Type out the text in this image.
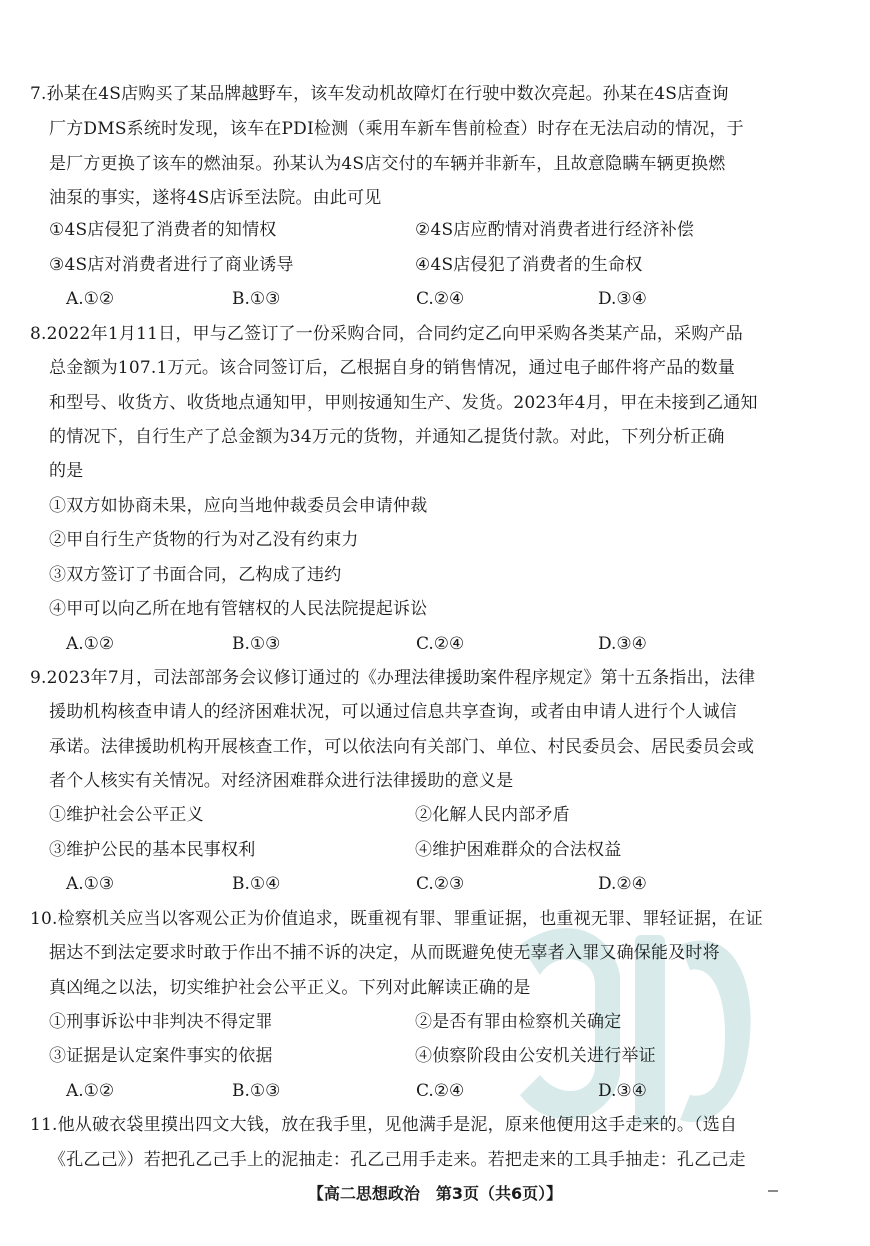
7.孙某在4S店购买了某品牌越野车，该车发动机故障灯在行驶中数次亮起。孙某在4S店查询
厂方DMS系统时发现，该车在PDI检测（乘用车新车售前检查）时存在无法启动的情况，于
是厂方更换了该车的燃油泵。孙某认为4S店交付的车辆并非新车，且故意隐瞒车辆更换燃
油泵的事实，遂将4S店诉至法院。由此可见
①4S店侵犯了消费者的知情权	②4S店应酌情对消费者进行经济补偿
③4S店对消费者进行了商业诱导	④4S店侵犯了消费者的生命权
A.①②	B.①③	C.②④	D.③④
8.2022年1月11日，甲与乙签订了一份采购合同，合同约定乙向甲采购各类某产品，采购产品
总金额为107.1万元。该合同签订后，乙根据自身的销售情况，通过电子邮件将产品的数量
和型号、收货方、收货地点通知甲，甲则按通知生产、发货。2023年4月，甲在未接到乙通知
的情况下，自行生产了总金额为34万元的货物，并通知乙提货付款。对此，下列分析正确
的是
①双方如协商未果，应向当地仲裁委员会申请仲裁
②甲自行生产货物的行为对乙没有约束力
③双方签订了书面合同，乙构成了违约
④甲可以向乙所在地有管辖权的人民法院提起诉讼
A.①②	B.①③	C.②④	D.③④
9.2023年7月，司法部部务会议修订通过的《办理法律援助案件程序规定》第十五条指出，法律
援助机构核查申请人的经济困难状况，可以通过信息共享查询，或者由申请人进行个人诚信
承诺。法律援助机构开展核查工作，可以依法向有关部门、单位、村民委员会、居民委员会或
者个人核实有关情况。对经济困难群众进行法律援助的意义是
①维护社会公平正义	②化解人民内部矛盾
③维护公民的基本民事权利	④维护困难群众的合法权益
A.①③	B.①④	C.②③	D.②④
10.检察机关应当以客观公正为价值追求，既重视有罪、罪重证据，也重视无罪、罪轻证据，在证
据达不到法定要求时敢于作出不捕不诉的决定，从而既避免使无辜者入罪又确保能及时将
真凶绳之以法，切实维护社会公平正义。下列对此解读正确的是
①刑事诉讼中非判决不得定罪	②是否有罪由检察机关确定
③证据是认定案件事实的依据	④侦察阶段由公安机关进行举证
A.①②	B.①③	C.②④	D.③④
11.他从破衣袋里摸出四文大钱，放在我手里，见他满手是泥，原来他便用这手走来的。（选自
《孔乙己》）若把孔乙己手上的泥抽走：孔乙己用手走来。若把走来的工具手抽走：孔乙己走
【高二思想政治　第3页（共6页）】
